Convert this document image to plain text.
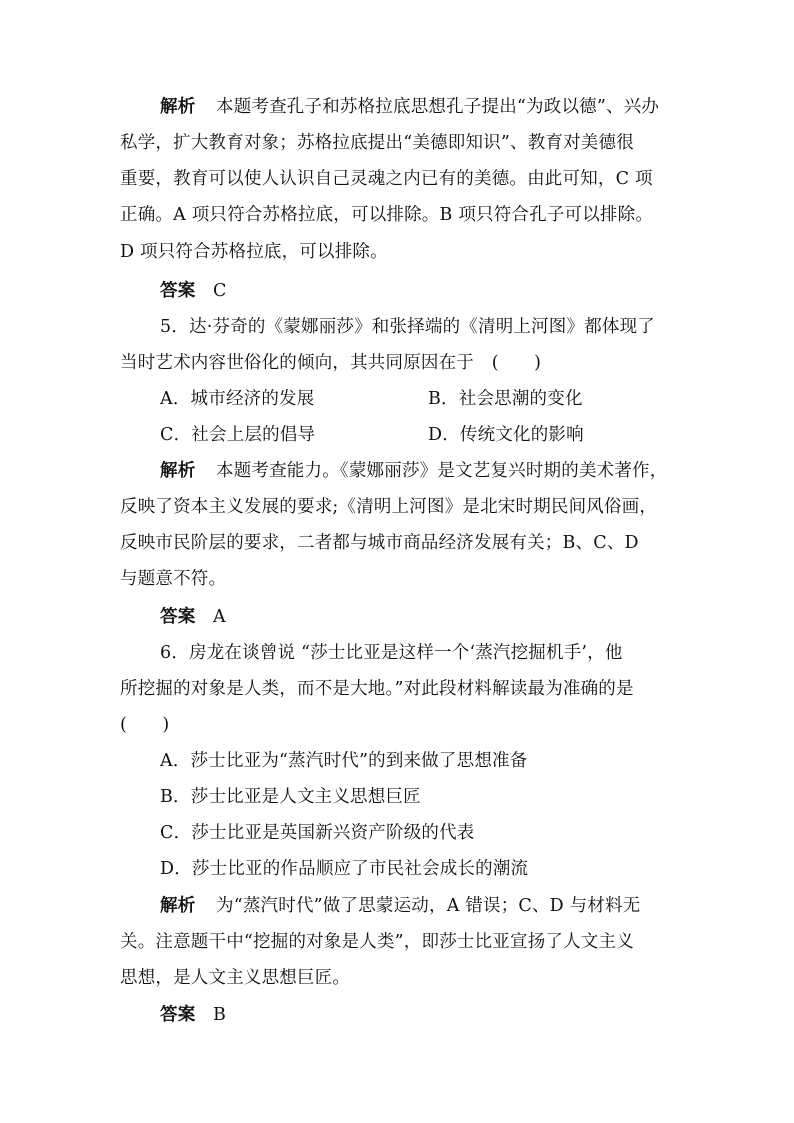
解析 本题考查孔子和苏格拉底思想孔子提出“为政以德”、兴办
私学，扩大教育对象；苏格拉底提出“美德即知识”、教育对美德很
重要，教育可以使人认识自己灵魂之内已有的美德。由此可知，C 项
正确。A 项只符合苏格拉底，可以排除。B 项只符合孔子可以排除。
D 项只符合苏格拉底，可以排除。
答案 C
5．达·芬奇的《蒙娜丽莎》和张择端的《清明上河图》都体现了
当时艺术内容世俗化的倾向，其共同原因在于　(　　)
A．城市经济的发展	B．社会思潮的变化
C．社会上层的倡导	D．传统文化的影响
解析 本题考查能力。《蒙娜丽莎》是文艺复兴时期的美术著作，
反映了资本主义发展的要求;《清明上河图》是北宋时期民间风俗画，
反映市民阶层的要求，二者都与城市商品经济发展有关；B、C、D
与题意不符。
答案 A
6．房龙在谈曾说 “莎士比亚是这样一个‘蒸汽挖掘机手’，他
所挖掘的对象是人类，而不是大地。”对此段材料解读最为准确的是
(　　)
A．莎士比亚为“蒸汽时代”的到来做了思想准备
B．莎士比亚是人文主义思想巨匠
C．莎士比亚是英国新兴资产阶级的代表
D．莎士比亚的作品顺应了市民社会成长的潮流
解析 为“蒸汽时代”做了思蒙运动，A 错误；C、D 与材料无
关。注意题干中“挖掘的对象是人类”，即莎士比亚宣扬了人文主义
思想，是人文主义思想巨匠。
答案 B
